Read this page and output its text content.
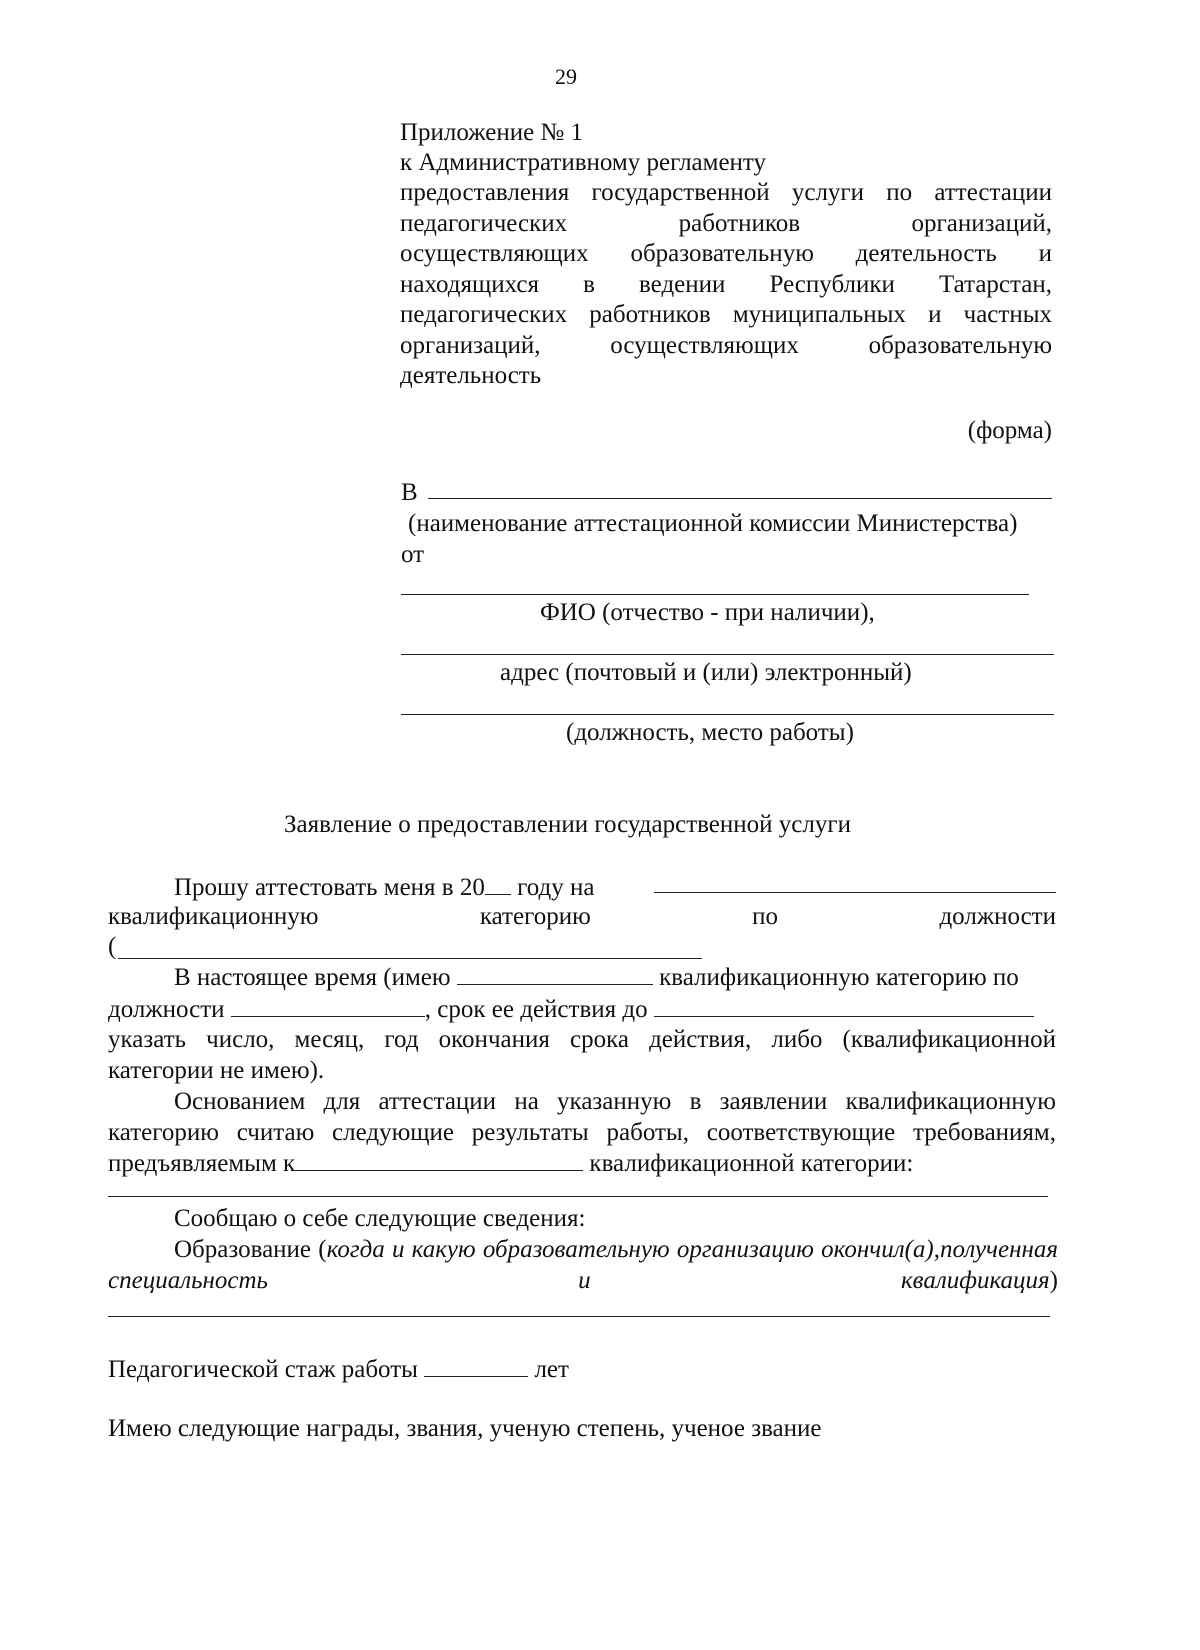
29
Приложение № 1
к Административному регламенту
предоставления государственной услуги по аттестации
педагогических работников организаций,
осуществляющих образовательную деятельность и
находящихся в ведении Республики Татарстан,
педагогических работников муниципальных и частных
организаций, осуществляющих образовательную
деятельность
(форма)
В
(наименование аттестационной комиссии Министерства)
от
ФИО (отчество - при наличии),
адрес (почтовый и (или) электронный)
(должность, место работы)
Заявление о предоставлении государственной услуги
Прошу аттестовать меня в 20 году на
квалификационную категорию по должности
(
В настоящее время (имею	квалификационную категорию по
должности	, срок ее действия до
указать число, месяц, год окончания срока действия, либо (квалификационной категории не имею).
Основанием для аттестации на указанную в заявлении квалификационную категорию считаю следующие результаты работы, соответствующие требованиям, предъявляемым к	квалификационной категории:
Сообщаю о себе следующие сведения:
Образование (когда и какую образовательную организацию окончил(а),полученная специальность и квалификация)
Педагогической стаж работы	лет
Имею следующие награды, звания, ученую степень, ученое звание
